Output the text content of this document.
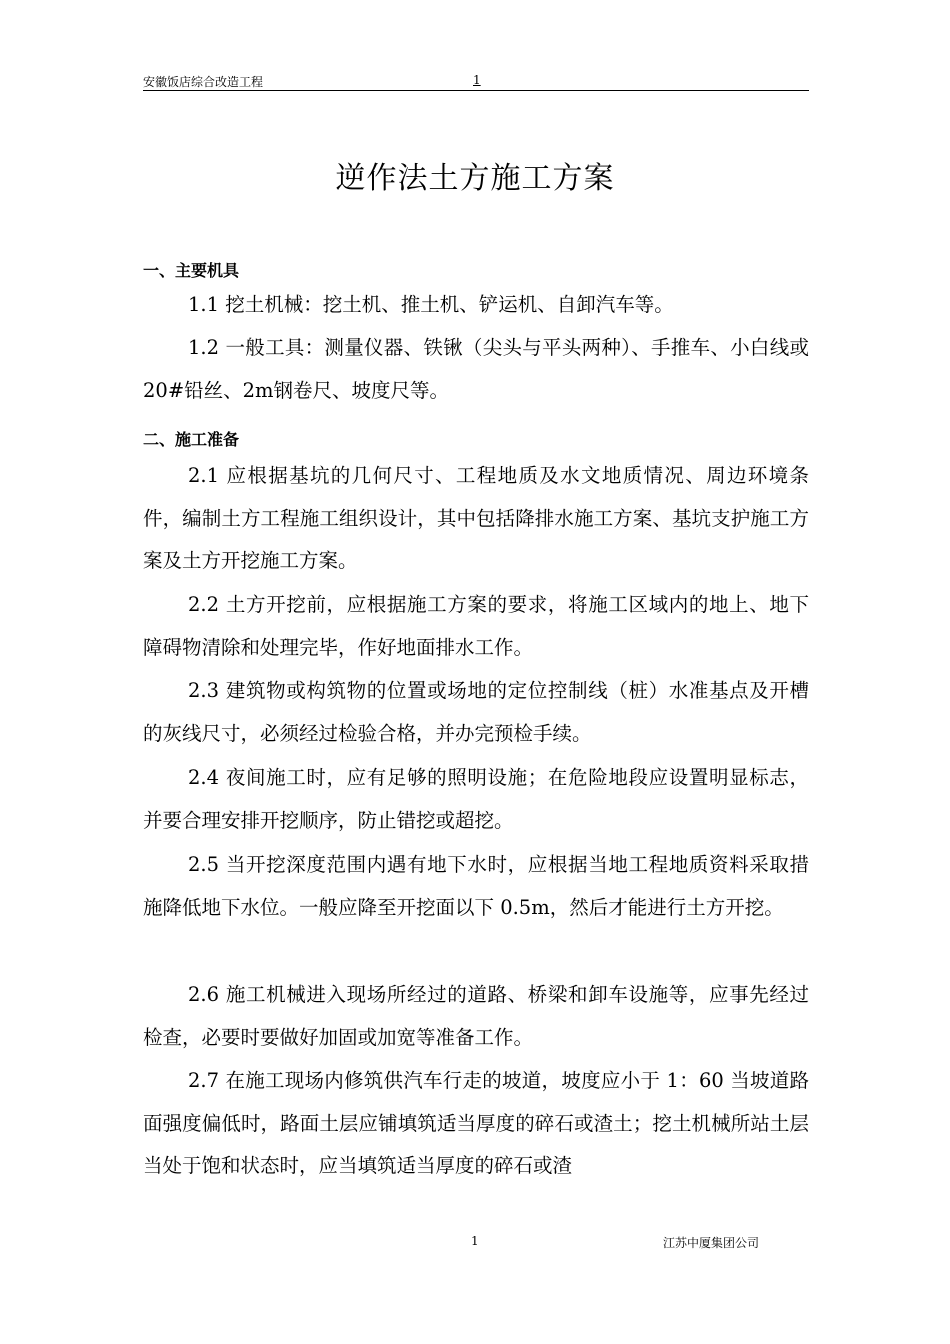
安徽饭店综合改造工程	1
逆作法土方施工方案
一、主要机具
1.1 挖土机械：挖土机、推土机、铲运机、自卸汽车等。
1.2 一般工具：测量仪器、铁锹（尖头与平头两种）、手推车、小白线或20#铅丝、2m钢卷尺、坡度尺等。
二、施工准备
2.1 应根据基坑的几何尺寸、工程地质及水文地质情况、周边环境条件，编制土方工程施工组织设计，其中包括降排水施工方案、基坑支护施工方案及土方开挖施工方案。
2.2 土方开挖前，应根据施工方案的要求，将施工区域内的地上、地下障碍物清除和处理完毕，作好地面排水工作。
2.3 建筑物或构筑物的位置或场地的定位控制线（桩）水准基点及开槽的灰线尺寸，必须经过检验合格，并办完预检手续。
2.4 夜间施工时，应有足够的照明设施；在危险地段应设置明显标志，并要合理安排开挖顺序，防止错挖或超挖。
2.5 当开挖深度范围内遇有地下水时，应根据当地工程地质资料采取措施降低地下水位。一般应降至开挖面以下 0.5m，然后才能进行土方开挖。
2.6 施工机械进入现场所经过的道路、桥梁和卸车设施等，应事先经过检查，必要时要做好加固或加宽等准备工作。
2.7 在施工现场内修筑供汽车行走的坡道，坡度应小于 1：60 当坡道路面强度偏低时，路面土层应铺填筑适当厚度的碎石或渣土；挖土机械所站土层当处于饱和状态时，应当填筑适当厚度的碎石或渣
1	江苏中厦集团公司
